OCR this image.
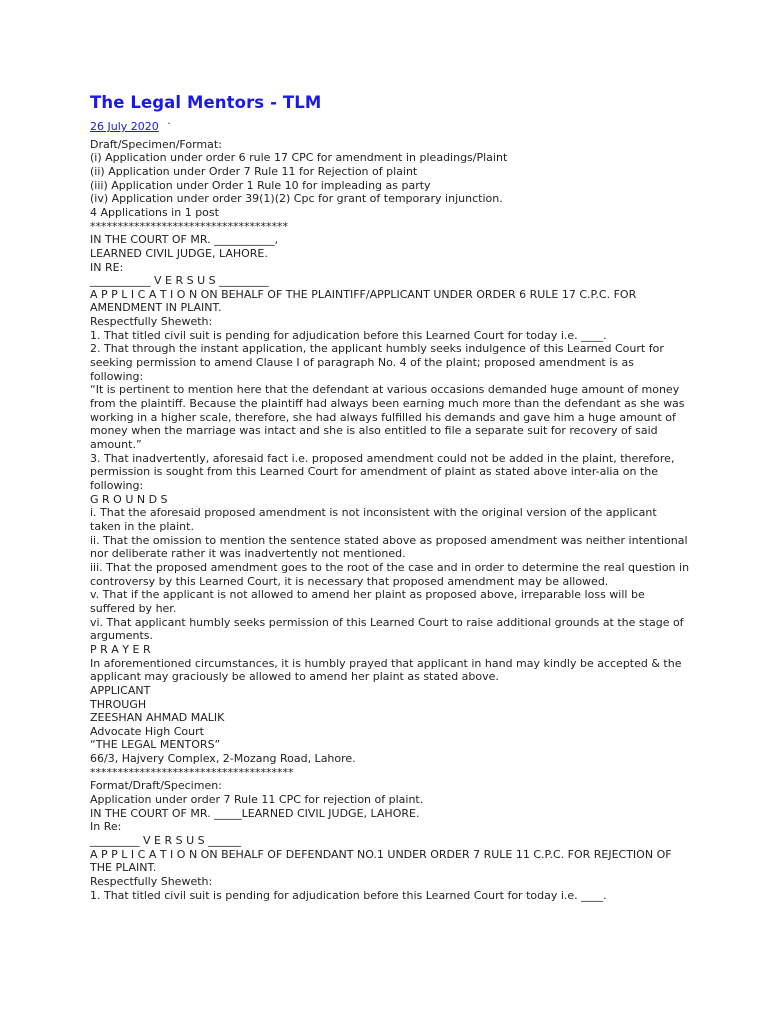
The Legal Mentors - TLM
26 July 2020 ·
Draft/Specimen/Format:
(i) Application under order 6 rule 17 CPC for amendment in pleadings/Plaint
(ii) Application under Order 7 Rule 11 for Rejection of plaint
(iii) Application under Order 1 Rule 10 for impleading as party
(iv) Application under order 39(1)(2) Cpc for grant of temporary injunction.
4 Applications in 1 post
************************************
IN THE COURT OF MR. ___________,
LEARNED CIVIL JUDGE, LAHORE.
IN RE:
___________ V E R S U S _________
A P P L I C A T I O N ON BEHALF OF THE PLAINTIFF/APPLICANT UNDER ORDER 6 RULE 17 C.P.C. FOR AMENDMENT IN PLAINT.
Respectfully Sheweth:
1. That titled civil suit is pending for adjudication before this Learned Court for today i.e. ____.
2. That through the instant application, the applicant humbly seeks indulgence of this Learned Court for seeking permission to amend Clause I of paragraph No. 4 of the plaint; proposed amendment is as following:
“It is pertinent to mention here that the defendant at various occasions demanded huge amount of money from the plaintiff. Because the plaintiff had always been earning much more than the defendant as she was working in a higher scale, therefore, she had always fulfilled his demands and gave him a huge amount of money when the marriage was intact and she is also entitled to file a separate suit for recovery of said amount.”
3. That inadvertently, aforesaid fact i.e. proposed amendment could not be added in the plaint, therefore, permission is sought from this Learned Court for amendment of plaint as stated above inter-alia on the following:
G R O U N D S
i. That the aforesaid proposed amendment is not inconsistent with the original version of the applicant taken in the plaint.
ii. That the omission to mention the sentence stated above as proposed amendment was neither intentional nor deliberate rather it was inadvertently not mentioned.
iii. That the proposed amendment goes to the root of the case and in order to determine the real question in controversy by this Learned Court, it is necessary that proposed amendment may be allowed.
v. That if the applicant is not allowed to amend her plaint as proposed above, irreparable loss will be suffered by her.
vi. That applicant humbly seeks permission of this Learned Court to raise additional grounds at the stage of arguments.
P R A Y E R
In aforementioned circumstances, it is humbly prayed that applicant in hand may kindly be accepted & the applicant may graciously be allowed to amend her plaint as stated above.
APPLICANT
THROUGH
ZEESHAN AHMAD MALIK
Advocate High Court
“THE LEGAL MENTORS”
66/3, Hajvery Complex, 2-Mozang Road, Lahore.
*************************************
Format/Draft/Specimen:
Application under order 7 Rule 11 CPC for rejection of plaint.
IN THE COURT OF MR. _____LEARNED CIVIL JUDGE, LAHORE.
In Re:
_________ V E R S U S ______
A P P L I C A T I O N ON BEHALF OF DEFENDANT NO.1 UNDER ORDER 7 RULE 11 C.P.C. FOR REJECTION OF THE PLAINT.
Respectfully Sheweth:
1. That titled civil suit is pending for adjudication before this Learned Court for today i.e. ____.
